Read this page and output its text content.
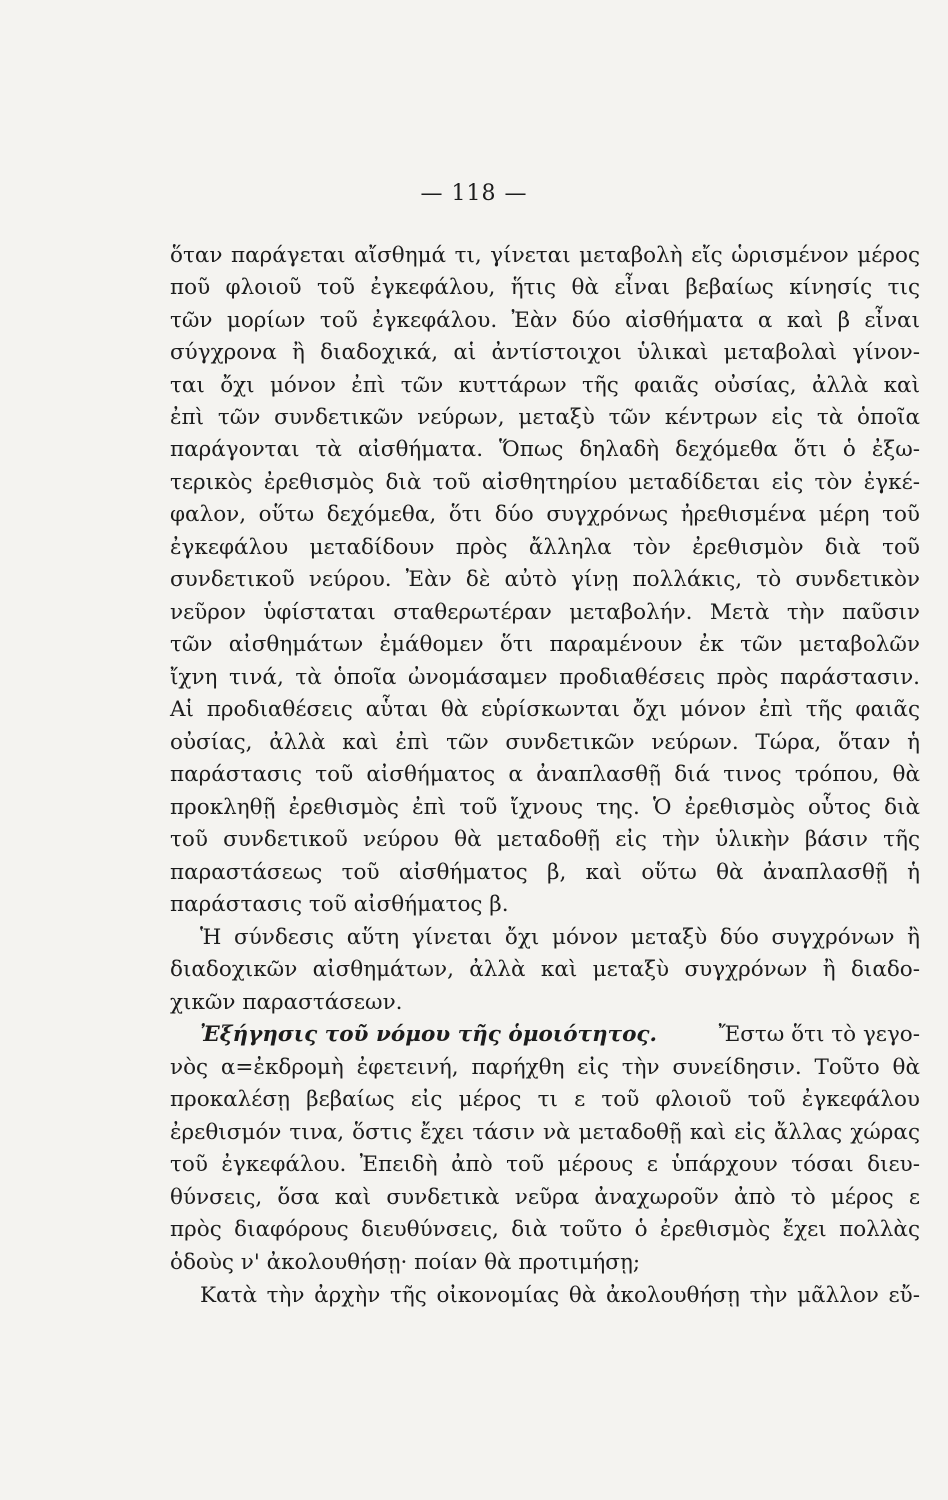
— 118 —
ὅταν παράγεται αἴσθημά τι, γίνεται μεταβολὴ εἴς ὡρισμένον μέρος
ποῦ φλοιοῦ τοῦ ἐγκεφάλου, ἥτις θὰ εἶναι βεβαίως κίνησίς τις
τῶν μορίων τοῦ ἐγκεφάλου. Ἐὰν δύο αἰσθήματα α καὶ β εἶναι
σύγχρονα ἢ διαδοχικά, αἱ ἀντίστοιχοι ὑλικαὶ μεταβολαὶ γίνον-
ται ὄχι μόνον ἐπὶ τῶν κυττάρων τῆς φαιᾶς οὐσίας, ἀλλὰ καὶ
ἐπὶ τῶν συνδετικῶν νεύρων, μεταξὺ τῶν κέντρων εἰς τὰ ὁποῖα
παράγονται τὰ αἰσθήματα. Ὅπως δηλαδὴ δεχόμεθα ὅτι ὁ ἐξω-
τερικὸς ἐρεθισμὸς διὰ τοῦ αἰσθητηρίου μεταδίδεται εἰς τὸν ἐγκέ-
φαλον, οὕτω δεχόμεθα, ὅτι δύο συγχρόνως ἠρεθισμένα μέρη τοῦ
ἐγκεφάλου μεταδίδουν πρὸς ἄλληλα τὸν ἐρεθισμὸν διὰ τοῦ
συνδετικοῦ νεύρου. Ἐὰν δὲ αὐτὸ γίνῃ πολλάκις, τὸ συνδετικὸν
νεῦρον ὑφίσταται σταθερωτέραν μεταβολήν. Μετὰ τὴν παῦσιν
τῶν αἰσθημάτων ἐμάθομεν ὅτι παραμένουν ἐκ τῶν μεταβολῶν
ἴχνη τινά, τὰ ὁποῖα ὠνομάσαμεν προδιαθέσεις πρὸς παράστασιν.
Αἱ προδιαθέσεις αὗται θὰ εὑρίσκωνται ὄχι μόνον ἐπὶ τῆς φαιᾶς
οὐσίας, ἀλλὰ καὶ ἐπὶ τῶν συνδετικῶν νεύρων. Τώρα, ὅταν ἡ
παράστασις τοῦ αἰσθήματος α ἀναπλασθῇ διά τινος τρόπου, θὰ
προκληθῇ ἐρεθισμὸς ἐπὶ τοῦ ἴχνους της. Ὁ ἐρεθισμὸς οὗτος διὰ
τοῦ συνδετικοῦ νεύρου θὰ μεταδοθῇ εἰς τὴν ὑλικὴν βάσιν τῆς
παραστάσεως τοῦ αἰσθήματος β, καὶ οὕτω θὰ ἀναπλασθῇ ἡ
παράστασις τοῦ αἰσθήματος β.
Ἡ σύνδεσις αὕτη γίνεται ὄχι μόνον μεταξὺ δύο συγχρόνων ἢ
διαδοχικῶν αἰσθημάτων, ἀλλὰ καὶ μεταξὺ συγχρόνων ἢ διαδο-
χικῶν παραστάσεων.
Ἐξήγησις τοῦ νόμου τῆς ὁμοιότητος.	Ἔστω ὅτι τὸ γεγο-
νὸς α=ἐκδρομὴ ἐφετεινή, παρήχθη εἰς τὴν συνείδησιν. Τοῦτο θὰ
προκαλέσῃ βεβαίως εἰς μέρος τι ε τοῦ φλοιοῦ τοῦ ἐγκεφάλου
ἐρεθισμόν τινα, ὅστις ἔχει τάσιν νὰ μεταδοθῇ καὶ εἰς ἄλλας χώρας
τοῦ ἐγκεφάλου. Ἐπειδὴ ἀπὸ τοῦ μέρους ε ὑπάρχουν τόσαι διευ-
θύνσεις, ὅσα καὶ συνδετικὰ νεῦρα ἀναχωροῦν ἀπὸ τὸ μέρος ε
πρὸς διαφόρους διευθύνσεις, διὰ τοῦτο ὁ ἐρεθισμὸς ἔχει πολλὰς
ὁδοὺς ν' ἀκολουθήσῃ· ποίαν θὰ προτιμήσῃ;
Κατὰ τὴν ἀρχὴν τῆς οἰκονομίας θὰ ἀκολουθήσῃ τὴν μᾶλλον εὔ-
